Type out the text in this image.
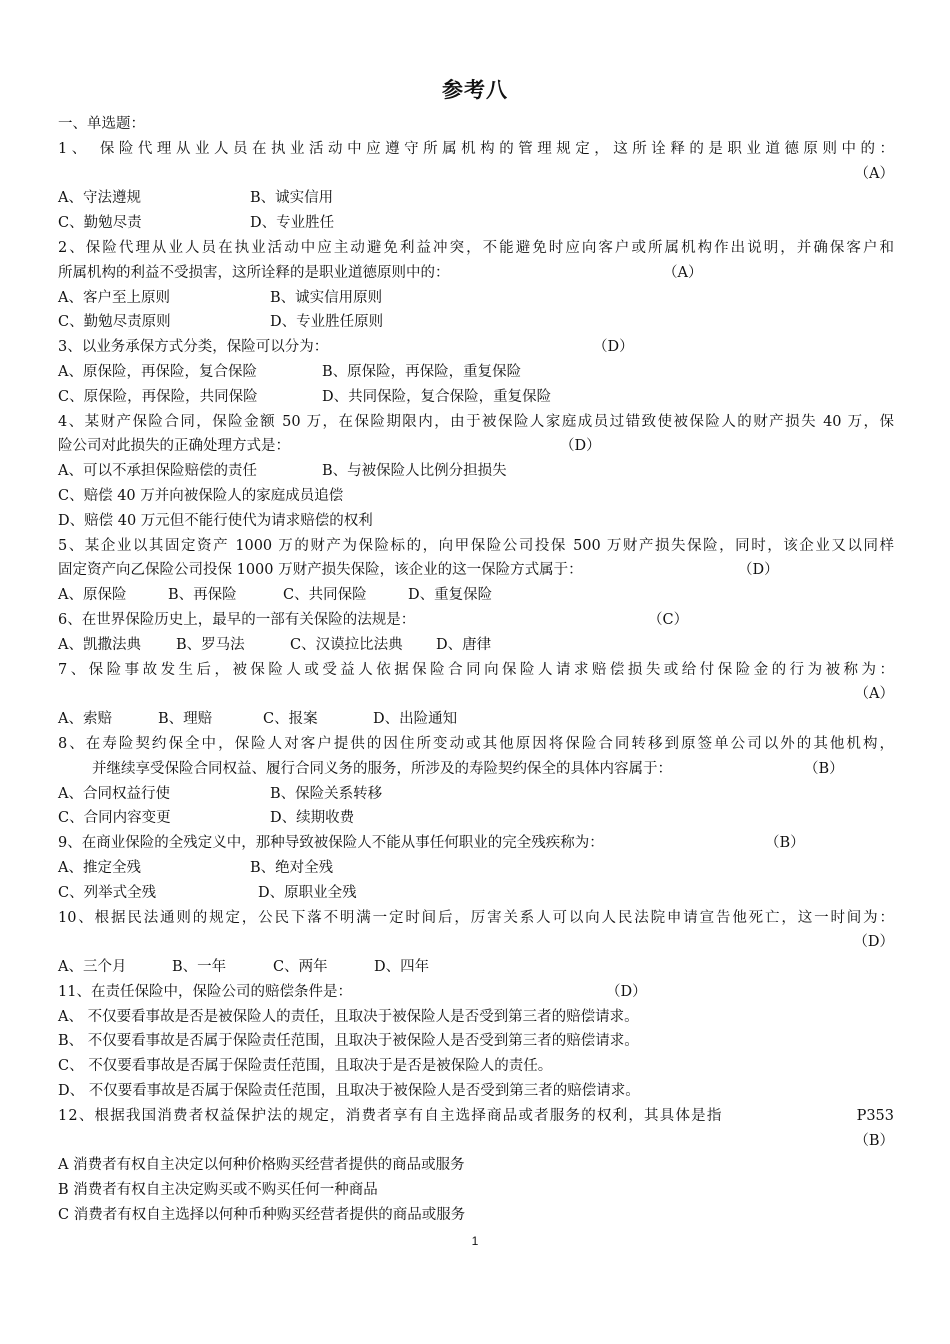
参考八
一、单选题：
1、 保险代理从业人员在执业活动中应遵守所属机构的管理规定，这所诠释的是职业道德原则中的：
（A）
A、守法遵规	B、诚实信用
C、勤勉尽责	D、专业胜任
2、保险代理从业人员在执业活动中应主动避免利益冲突，不能避免时应向客户或所属机构作出说明，并确保客户和
所属机构的利益不受损害，这所诠释的是职业道德原则中的：	（A）
A、客户至上原则	B、诚实信用原则
C、勤勉尽责原则	D、专业胜任原则
3、以业务承保方式分类，保险可以分为：	（D）
A、原保险，再保险，复合保险	B、原保险，再保险，重复保险
C、原保险，再保险，共同保险	D、共同保险，复合保险，重复保险
4、某财产保险合同，保险金额 50 万，在保险期限内，由于被保险人家庭成员过错致使被保险人的财产损失 40 万，保
险公司对此损失的正确处理方式是：	（D）
A、可以不承担保险赔偿的责任	B、与被保险人比例分担损失
C、赔偿 40 万并向被保险人的家庭成员追偿
D、赔偿 40 万元但不能行使代为请求赔偿的权利
5、某企业以其固定资产 1000 万的财产为保险标的，向甲保险公司投保 500 万财产损失保险，同时，该企业又以同样
固定资产向乙保险公司投保 1000 万财产损失保险，该企业的这一保险方式属于：	（D）
A、原保险	B、再保险	C、共同保险	D、重复保险
6、在世界保险历史上，最早的一部有关保险的法规是：	（C）
A、凯撒法典 B、罗马法	C、汉谟拉比法典 D、唐律
7、保险事故发生后，被保险人或受益人依据保险合同向保险人请求赔偿损失或给付保险金的行为被称为：
（A）
A、索赔	B、理赔	C、报案	D、出险通知
8、在寿险契约保全中，保险人对客户提供的因住所变动或其他原因将保险合同转移到原签单公司以外的其他机构，
并继续享受保险合同权益、履行合同义务的服务，所涉及的寿险契约保全的具体内容属于：	（B）
A、合同权益行使	B、保险关系转移
C、合同内容变更	D、续期收费
9、在商业保险的全残定义中，那种导致被保险人不能从事任何职业的完全残疾称为：	（B）
A、推定全残	B、绝对全残
C、列举式全残	D、原职业全残
10、根据民法通则的规定，公民下落不明满一定时间后，厉害关系人可以向人民法院申请宣告他死亡，这一时间为：
（D）
A、三个月	B、一年	C、两年	D、四年
11、在责任保险中，保险公司的赔偿条件是：	（D）
A、 不仅要看事故是否是被保险人的责任，且取决于被保险人是否受到第三者的赔偿请求。
B、 不仅要看事故是否属于保险责任范围，且取决于被保险人是否受到第三者的赔偿请求。
C、 不仅要看事故是否属于保险责任范围，且取决于是否是被保险人的责任。
D、 不仅要看事故是否属于保险责任范围，且取决于被保险人是否受到第三者的赔偿请求。
12、根据我国消费者权益保护法的规定，消费者享有自主选择商品或者服务的权利，其具体是指	P353
（B）
A 消费者有权自主决定以何种价格购买经营者提供的商品或服务
B 消费者有权自主决定购买或不购买任何一种商品
C 消费者有权自主选择以何种币种购买经营者提供的商品或服务
1
